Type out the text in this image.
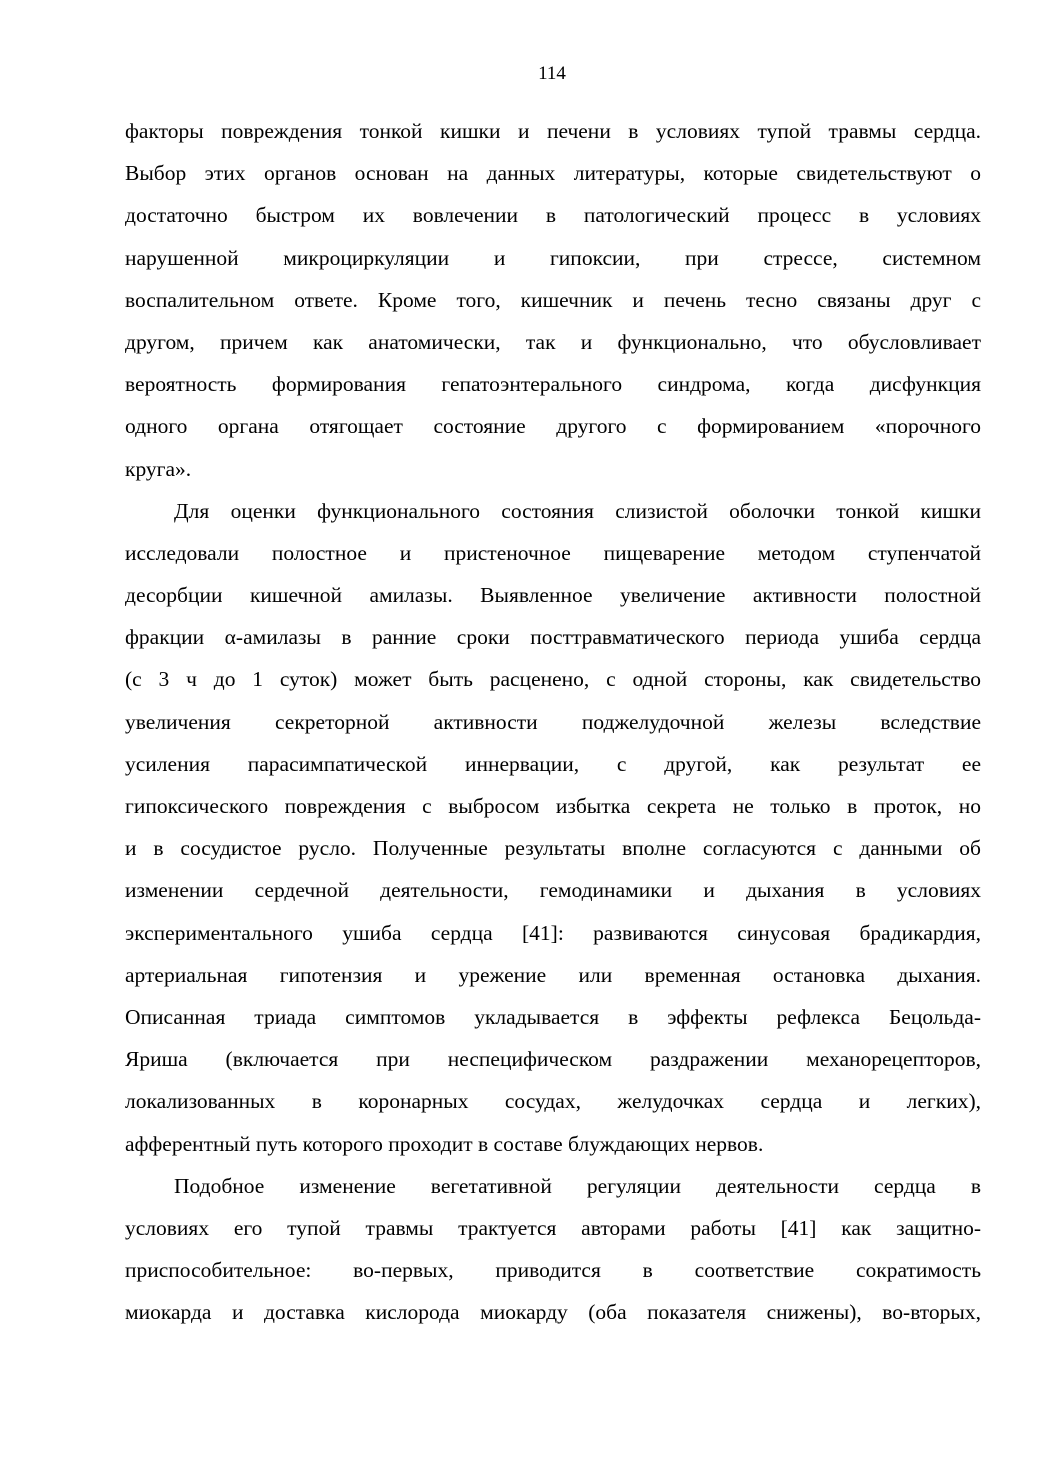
114
факторы повреждения тонкой кишки и печени в условиях тупой травмы сердца.
Выбор этих органов основан на данных литературы, которые свидетельствуют о
достаточно быстром их вовлечении в патологический процесс в условиях
нарушенной микроциркуляции и гипоксии, при стрессе, системном
воспалительном ответе. Кроме того, кишечник и печень тесно связаны друг с
другом, причем как анатомически, так и функционально, что обусловливает
вероятность формирования гепатоэнтерального синдрома, когда дисфункция
одного органа отягощает состояние другого с формированием «порочного
круга».
Для оценки функционального состояния слизистой оболочки тонкой кишки
исследовали полостное и пристеночное пищеварение методом ступенчатой
десорбции кишечной амилазы. Выявленное увеличение активности полостной
фракции α-амилазы в ранние сроки посттравматического периода ушиба сердца
(с 3 ч до 1 суток) может быть расценено, с одной стороны, как свидетельство
увеличения секреторной активности поджелудочной железы вследствие
усиления парасимпатической иннервации, с другой, как результат ее
гипоксического повреждения с выбросом избытка секрета не только в проток, но
и в сосудистое русло. Полученные результаты вполне согласуются с данными об
изменении сердечной деятельности, гемодинамики и дыхания в условиях
экспериментального ушиба сердца [41]: развиваются синусовая брадикардия,
артериальная гипотензия и урежение или временная остановка дыхания.
Описанная триада симптомов укладывается в эффекты рефлекса Бецольда-
Яриша (включается при неспецифическом раздражении механорецепторов,
локализованных в коронарных сосудах, желудочках сердца и легких),
афферентный путь которого проходит в составе блуждающих нервов.
Подобное изменение вегетативной регуляции деятельности сердца в
условиях его тупой травмы трактуется авторами работы [41] как защитно-
приспособительное: во-первых, приводится в соответствие сократимость
миокарда и доставка кислорода миокарду (оба показателя снижены), во-вторых,
